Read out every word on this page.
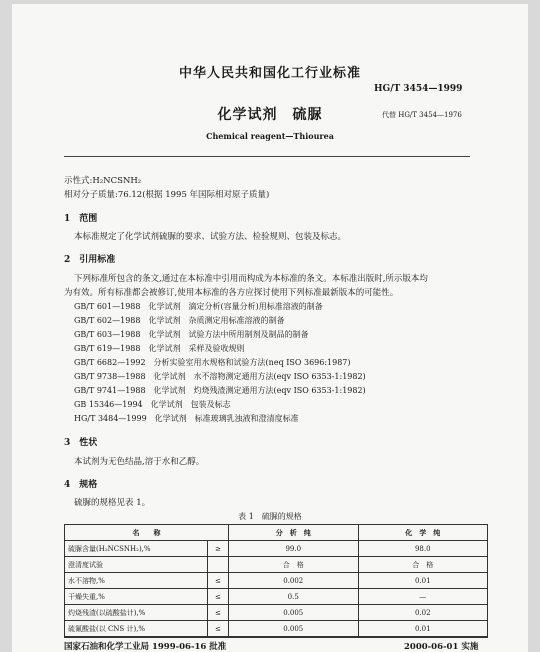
中华人民共和国化工行业标准
HG/T 3454—1999
化学试剂　硫脲	代替 HG/T 3454—1976
Chemical reagent—Thiourea
示性式:H₂NCSNH₂
相对分子质量:76.12(根据 1995 年国际相对原子质量)
1　范围
本标准规定了化学试剂硫脲的要求、试验方法、检验规则、包装及标志。
2　引用标准
下列标准所包含的条文,通过在本标准中引用而构成为本标准的条文。本标准出版时,所示版本均
为有效。所有标准都会被修订,使用本标准的各方应探讨使用下列标准最新版本的可能性。
GB/T 601—1988　化学试剂　滴定分析(容量分析)用标准溶液的制备
GB/T 602—1988　化学试剂　杂质测定用标准溶液的制备
GB/T 603—1988　化学试剂　试验方法中所用制剂及制品的制备
GB/T 619—1988　化学试剂　采样及验收规则
GB/T 6682—1992　分析实验室用水规格和试验方法(neq ISO 3696:1987)
GB/T 9738—1988　化学试剂　水不溶物测定通用方法(eqv ISO 6353-1:1982)
GB/T 9741—1988　化学试剂　灼烧残渣测定通用方法(eqv ISO 6353-1:1982)
GB 15346—1994　化学试剂　包装及标志
HG/T 3484—1999　化学试剂　标准玻璃乳浊液和澄清度标准
3　性状
本试剂为无色结晶,溶于水和乙醇。
4　规格
硫脲的规格见表 1。
表 1　硫脲的规格
名　　称		分　析　纯	化　学　纯
硫脲含量(H₂NCSNH₂),%	≥	99.0	98.0
澄清度试验		合　格	合　格
水不溶物,%	≤	0.002	0.01
干燥失重,%	≤	0.5	—
灼烧残渣(以硫酸盐计),%	≤	0.005	0.02
硫氰酸盐(以 CNS 计),%	≤	0.005	0.01
国家石油和化学工业局 1999-06-16 批准	2000-06-01 实施
